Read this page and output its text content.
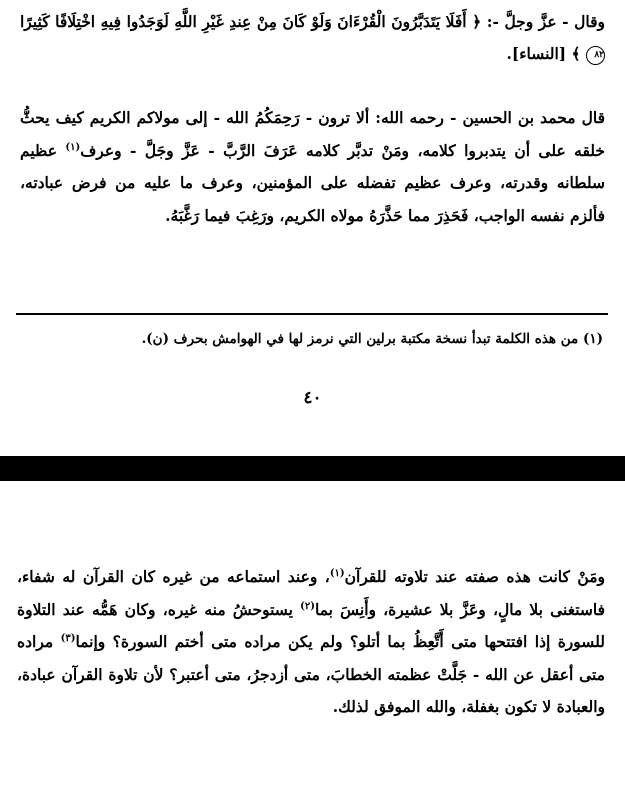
وقال - عزَّ وجلَّ -: ﴿ أَفَلَا يَتَدَبَّرُونَ الْقُرْءَانَ وَلَوْ كَانَ مِنْ عِندِ غَيْرِ اللَّهِ لَوَجَدُوا فِيهِ اخْتِلَافًا كَثِيرًا ٨٢ ﴾ [النساء].

قال محمد بن الحسين - رحمه الله: ألا ترون - رَحِمَكُمُ الله - إلى مولاكم الكريم كيف يحثُّ خلقه على أن يتدبروا كلامه، ومَنْ تدبَّر كلامه عَرَفَ الرَّبَّ - عَزَّ وجَلَّ - وعرف$^{(١)}$ عظيم سلطانه وقدرته، وعرف عظيم تفضله على المؤمنين، وعرف ما عليه من فرض عبادته، فألزم نفسه الواجب، فَحَذِرَ مما حَذَّرَهُ مولاه الكريم، ورَغِبَ فيما رَغَّبَهُ.

(١) من هذه الكلمة تبدأ نسخة مكتبة برلين التي نرمز لها في الهوامش بحرف (ن).

٤٠

ومَنْ كانت هذه صفته عند تلاوته للقرآن$^{(١)}$، وعند استماعه من غيره كان القرآن له شفاء، فاستغنى بلا مالٍ، وعَزَّ بلا عشيرة، وأَنِسَ بما$^{(٢)}$ يستوحشُ منه غيره، وكان هَمُّه عند التلاوة للسورة إذا افتتحها متى أَتَّعِظُ بما أتلو؟ ولم يكن مراده متى أختم السورة؟ وإنما$^{(٣)}$ مراده متى أعقل عن الله - جَلَّتْ عظمته الخطابَ، متى أزدجرُ، متى أعتبر؟ لأن تلاوة القرآن عبادة، والعبادة لا تكون بغفلة، والله الموفق لذلك.
